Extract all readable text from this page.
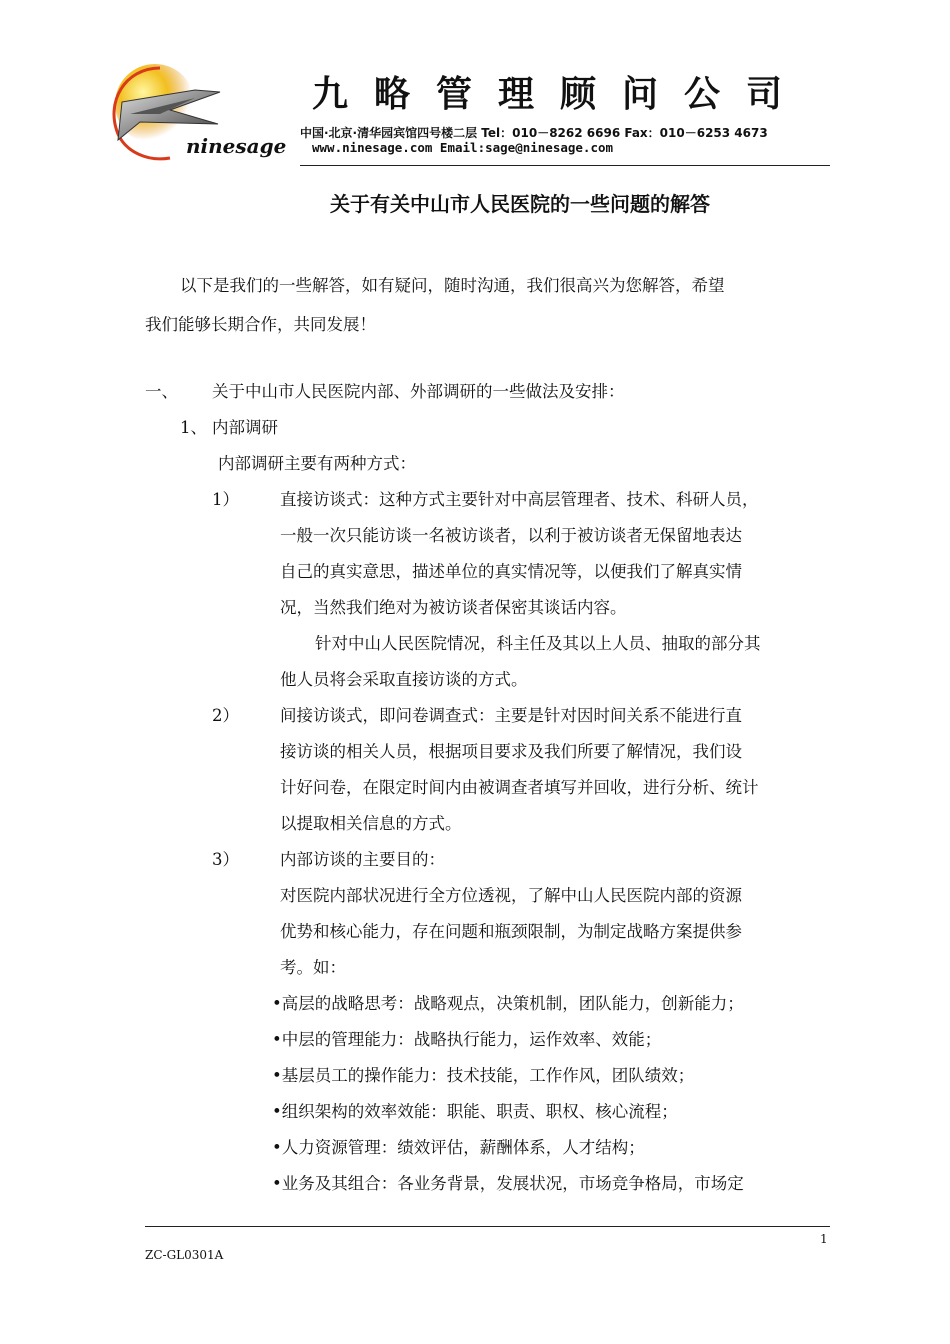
ninesage
九略管理顾问公司
中国·北京·清华园宾馆四号楼二层 Tel：010－8262 6696 Fax：010－6253 4673
www.ninesage.com Email:sage@ninesage.com
关于有关中山市人民医院的一些问题的解答
以下是我们的一些解答，如有疑问，随时沟通，我们很高兴为您解答，希望
我们能够长期合作，共同发展！
一、 关于中山市人民医院内部、外部调研的一些做法及安排：
1、 内部调研
内部调研主要有两种方式：
1） 直接访谈式：这种方式主要针对中高层管理者、技术、科研人员，
一般一次只能访谈一名被访谈者，以利于被访谈者无保留地表达
自己的真实意思，描述单位的真实情况等，以便我们了解真实情
况，当然我们绝对为被访谈者保密其谈话内容。
针对中山人民医院情况，科主任及其以上人员、抽取的部分其
他人员将会采取直接访谈的方式。
2） 间接访谈式，即问卷调查式：主要是针对因时间关系不能进行直
接访谈的相关人员，根据项目要求及我们所要了解情况，我们设
计好问卷，在限定时间内由被调查者填写并回收，进行分析、统计
以提取相关信息的方式。
3） 内部访谈的主要目的：
对医院内部状况进行全方位透视，了解中山人民医院内部的资源
优势和核心能力，存在问题和瓶颈限制，为制定战略方案提供参
考。如：
•高层的战略思考：战略观点，决策机制，团队能力，创新能力；
•中层的管理能力：战略执行能力，运作效率、效能；
•基层员工的操作能力：技术技能，工作作风，团队绩效；
•组织架构的效率效能：职能、职责、职权、核心流程；
•人力资源管理：绩效评估，薪酬体系，人才结构；
•业务及其组合：各业务背景，发展状况，市场竞争格局，市场定
1
ZC-GL0301A
